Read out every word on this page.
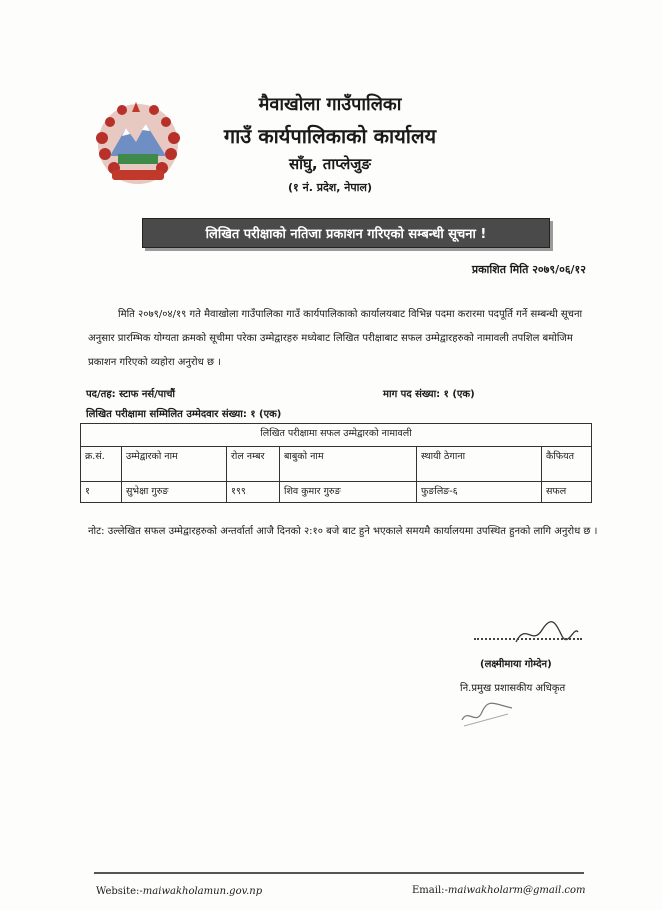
मैवाखोला गाउँपालिका
गाउँ कार्यपालिकाको कार्यालय
साँघु, ताप्लेजुङ
(१ नं. प्रदेश, नेपाल)
लिखित परीक्षाको नतिजा प्रकाशन गरिएको सम्बन्धी सूचना !
प्रकाशित मिति २०७९/०६/१२
मिति २०७९/०४/१९ गते मैवाखोला गाउँपालिका गाउँ कार्यपालिकाको कार्यालयबाट विभिन्न पदमा करारमा पदपूर्ति गर्ने सम्बन्धी सूचना अनुसार प्रारम्भिक योग्यता क्रमको सूचीमा परेका उम्मेद्वारहरु मध्येबाट लिखित परीक्षाबाट सफल उम्मेद्वारहरुको नामावली तपशिल बमोजिम प्रकाशन गरिएको व्यहोरा अनुरोध छ ।
पद/तह: स्टाफ नर्स/पाचौं	माग पद संख्या: १ (एक)
लिखित परीक्षामा सम्मिलित उम्मेदवार संख्या: १ (एक)
लिखित परीक्षामा सफल उम्मेद्वारको नामावली					
क्र.सं.	उम्मेद्वारको नाम	रोल नम्बर	बाबुको नाम	स्थायी ठेगाना	कैफियत
१	सुभेक्षा गुरुङ	१९९	शिव कुमार गुरुङ	फुङलिङ-६	सफल
नोट: उल्लेखित सफल उम्मेद्वारहरुको अन्तर्वार्ता आजै दिनको २:१० बजे बाट हुने भएकाले समयमै कार्यालयमा उपस्थित हुनको लागि अनुरोध छ ।
(लक्ष्मीमाया गोम्देन)
नि.प्रमुख प्रशासकीय अधिकृत
Website:-maiwakholamun.gov.np	Email:-maiwakholarm@gmail.com
